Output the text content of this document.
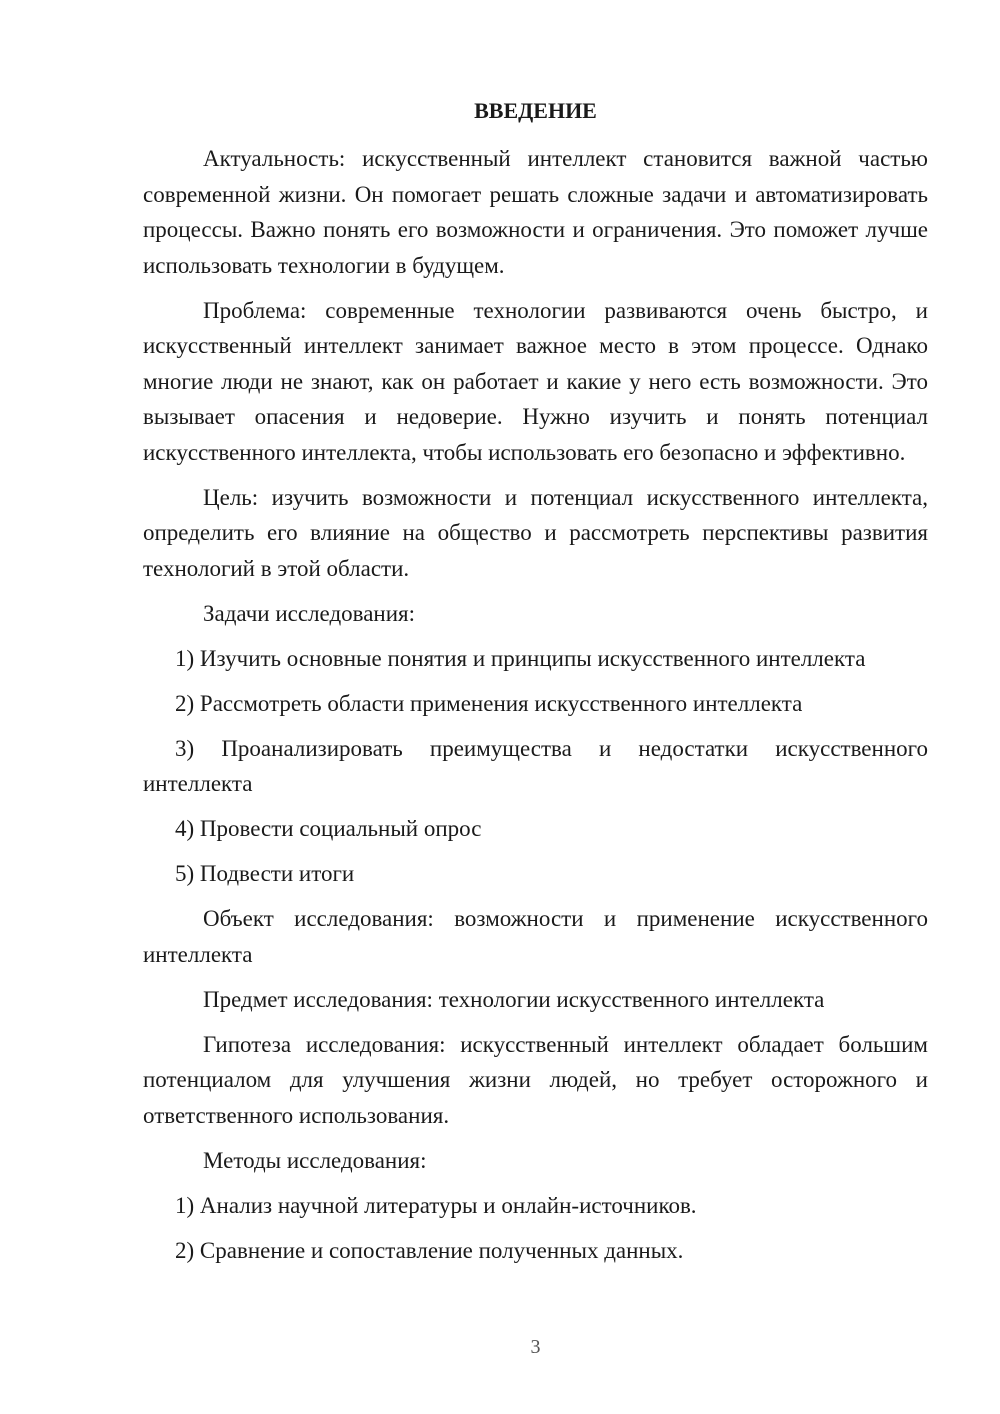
ВВЕДЕНИЕ

Актуальность: искусственный интеллект становится важной частью современной жизни. Он помогает решать сложные задачи и автоматизировать процессы. Важно понять его возможности и ограничения. Это поможет лучше использовать технологии в будущем.

Проблема: современные технологии развиваются очень быстро, и искусственный интеллект занимает важное место в этом процессе. Однако многие люди не знают, как он работает и какие у него есть возможности. Это вызывает опасения и недоверие. Нужно изучить и понять потенциал искусственного интеллекта, чтобы использовать его безопасно и эффективно.

Цель: изучить возможности и потенциал искусственного интеллекта, определить его влияние на общество и рассмотреть перспективы развития технологий в этой области.

Задачи исследования:

1) Изучить основные понятия и принципы искусственного интеллекта

2) Рассмотреть области применения искусственного интеллекта

3) Проанализировать преимущества и недостатки искусственного интеллекта

4) Провести социальный опрос

5) Подвести итоги

Объект исследования: возможности и применение искусственного интеллекта

Предмет исследования: технологии искусственного интеллекта

Гипотеза исследования: искусственный интеллект обладает большим потенциалом для улучшения жизни людей, но требует осторожного и ответственного использования.

Методы исследования:

1) Анализ научной литературы и онлайн-источников.

2) Сравнение и сопоставление полученных данных.

3
